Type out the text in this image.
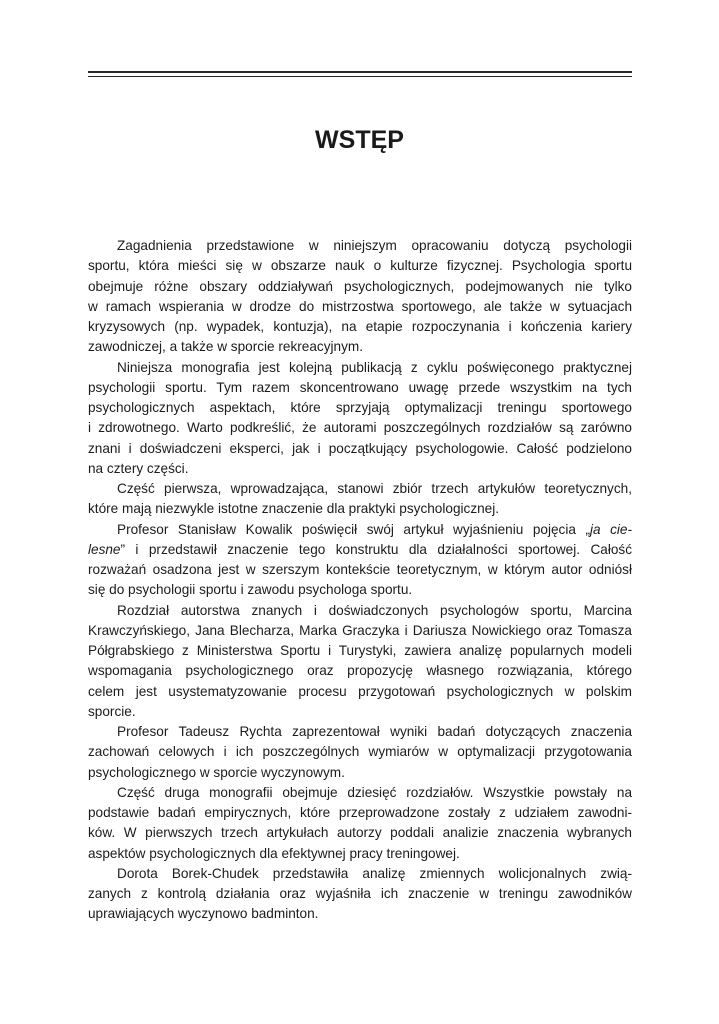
WSTĘP
Zagadnienia przedstawione w niniejszym opracowaniu dotyczą psychologii
sportu, która mieści się w obszarze nauk o kulturze fizycznej. Psychologia sportu
obejmuje różne obszary oddziaływań psychologicznych, podejmowanych nie tylko
w ramach wspierania w drodze do mistrzostwa sportowego, ale także w sytuacjach
kryzysowych (np. wypadek, kontuzja), na etapie rozpoczynania i kończenia kariery
zawodniczej, a także w sporcie rekreacyjnym.
Niniejsza monografia jest kolejną publikacją z cyklu poświęconego praktycznej
psychologii sportu. Tym razem skoncentrowano uwagę przede wszystkim na tych
psychologicznych aspektach, które sprzyjają optymalizacji treningu sportowego
i zdrowotnego. Warto podkreślić, że autorami poszczególnych rozdziałów są zarówno
znani i doświadczeni eksperci, jak i początkujący psychologowie. Całość podzielono
na cztery części.
Część pierwsza, wprowadzająca, stanowi zbiór trzech artykułów teoretycznych,
które mają niezwykle istotne znaczenie dla praktyki psychologicznej.
Profesor Stanisław Kowalik poświęcił swój artykuł wyjaśnieniu pojęcia „ja cie-
lesne” i przedstawił znaczenie tego konstruktu dla działalności sportowej. Całość
rozważań osadzona jest w szerszym kontekście teoretycznym, w którym autor odniósł
się do psychologii sportu i zawodu psychologa sportu.
Rozdział autorstwa znanych i doświadczonych psychologów sportu, Marcina
Krawczyńskiego, Jana Blecharza, Marka Graczyka i Dariusza Nowickiego oraz Tomasza
Półgrabskiego z Ministerstwa Sportu i Turystyki, zawiera analizę popularnych modeli
wspomagania psychologicznego oraz propozycję własnego rozwiązania, którego
celem jest usystematyzowanie procesu przygotowań psychologicznych w polskim
sporcie.
Profesor Tadeusz Rychta zaprezentował wyniki badań dotyczących znaczenia
zachowań celowych i ich poszczególnych wymiarów w optymalizacji przygotowania
psychologicznego w sporcie wyczynowym.
Część druga monografii obejmuje dziesięć rozdziałów. Wszystkie powstały na
podstawie badań empirycznych, które przeprowadzone zostały z udziałem zawodni-
ków. W pierwszych trzech artykułach autorzy poddali analizie znaczenia wybranych
aspektów psychologicznych dla efektywnej pracy treningowej.
Dorota Borek-Chudek przedstawiła analizę zmiennych wolicjonalnych zwią-
zanych z kontrolą działania oraz wyjaśniła ich znaczenie w treningu zawodników
uprawiających wyczynowo badminton.
